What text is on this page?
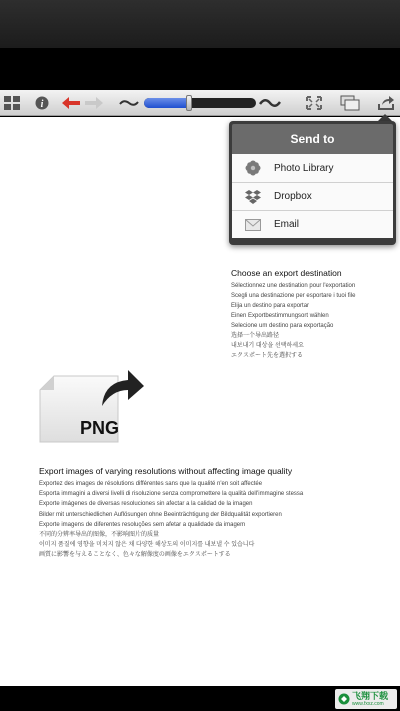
i
Send to
Photo Library
Dropbox
Email
Choose an export destination
Sélectionnez une destination pour l'exportation
Scegli una destinazione per esportare i tuoi file
Elija un destino para exportar
Einen Exportbestimmungsort wählen
Selecione um destino para exportação
选择一个导出路径
내보내기 대상을 선택하세요
エクスポート先を選択する
PNG
Export images of varying resolutions without affecting image quality
Exportez des images de résolutions différentes sans que la qualité n'en soit affectée
Esporta immagini a diversi livelli di risoluzione senza compromettere la qualità dell'immagine stessa
Exporte imágenes de diversas resoluciones sin afectar a la calidad de la imagen
Bilder mit unterschiedlichen Auflösungen ohne Beeinträchtigung der Bildqualität exportieren
Exporte imagens de diferentes resoluções sem afetar a qualidade da imagem
不同的分辨率导出的图像，不影响图片的质量
이미지 품질에 영향을 미치지 않은 채 다양한 해상도의 이미지를 내보낼 수 있습니다
画質に影響を与えることなく、色々な解像度の画像をエクスポートする
飞翔下载
www.fxxz.com
